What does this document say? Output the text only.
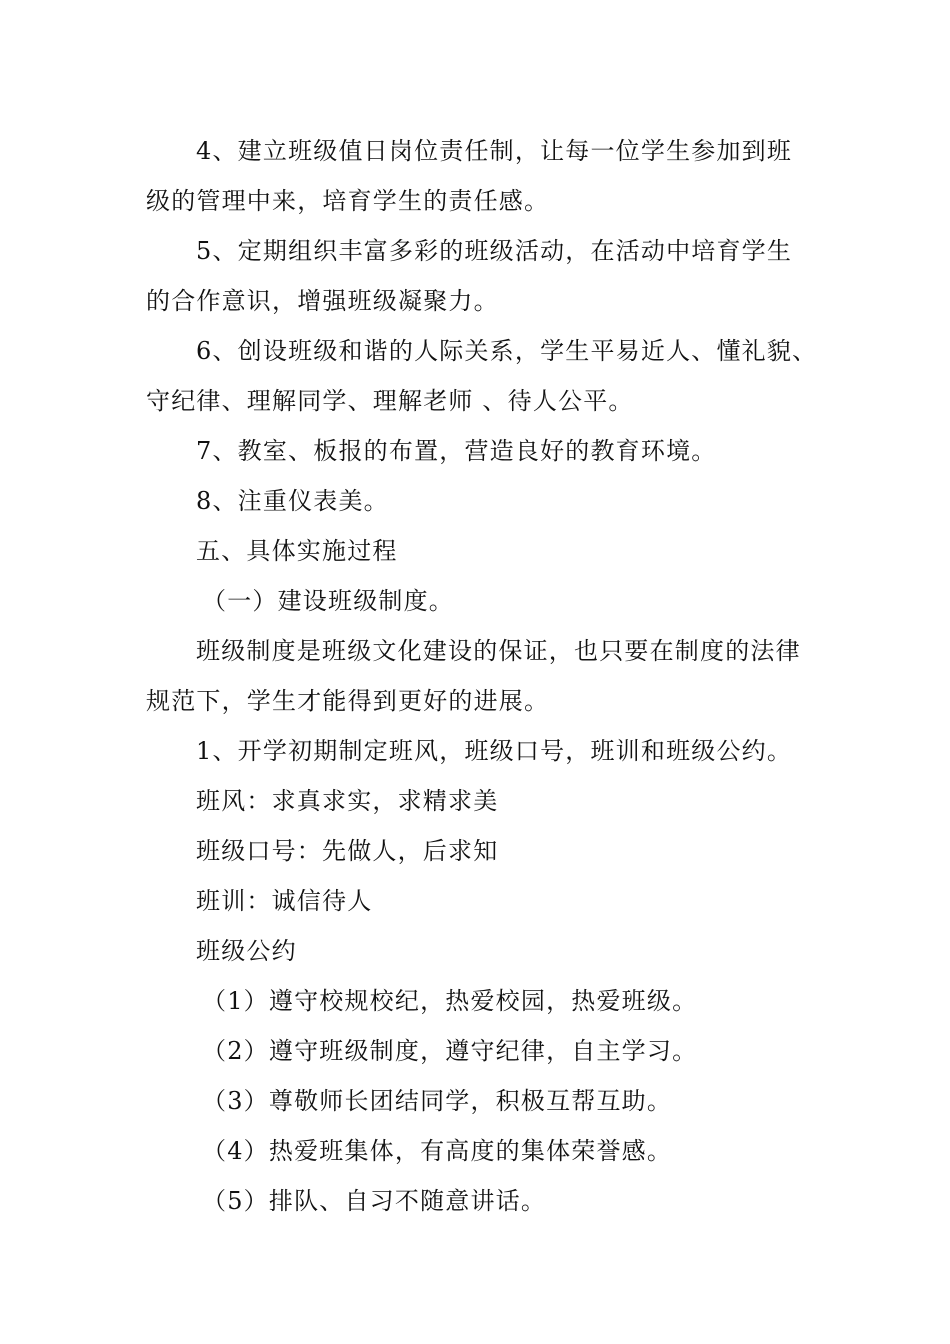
4、建立班级值日岗位责任制，让每一位学生参加到班级的管理中来，培育学生的责任感。

5、定期组织丰富多彩的班级活动，在活动中培育学生的合作意识，增强班级凝聚力。

6、创设班级和谐的人际关系，学生平易近人、懂礼貌、守纪律、理解同学、理解老师 、待人公平。

7、教室、板报的布置，营造良好的教育环境。

8、注重仪表美。

五、具体实施过程

（一）建设班级制度。

班级制度是班级文化建设的保证，也只要在制度的法律规范下，学生才能得到更好的进展。

1、开学初期制定班风，班级口号，班训和班级公约。

班风：求真求实，求精求美

班级口号：先做人，后求知

班训：诚信待人

班级公约

（1）遵守校规校纪，热爱校园，热爱班级。

（2）遵守班级制度，遵守纪律，自主学习。

（3）尊敬师长团结同学，积极互帮互助。

（4）热爱班集体，有高度的集体荣誉感。

（5）排队、自习不随意讲话。
